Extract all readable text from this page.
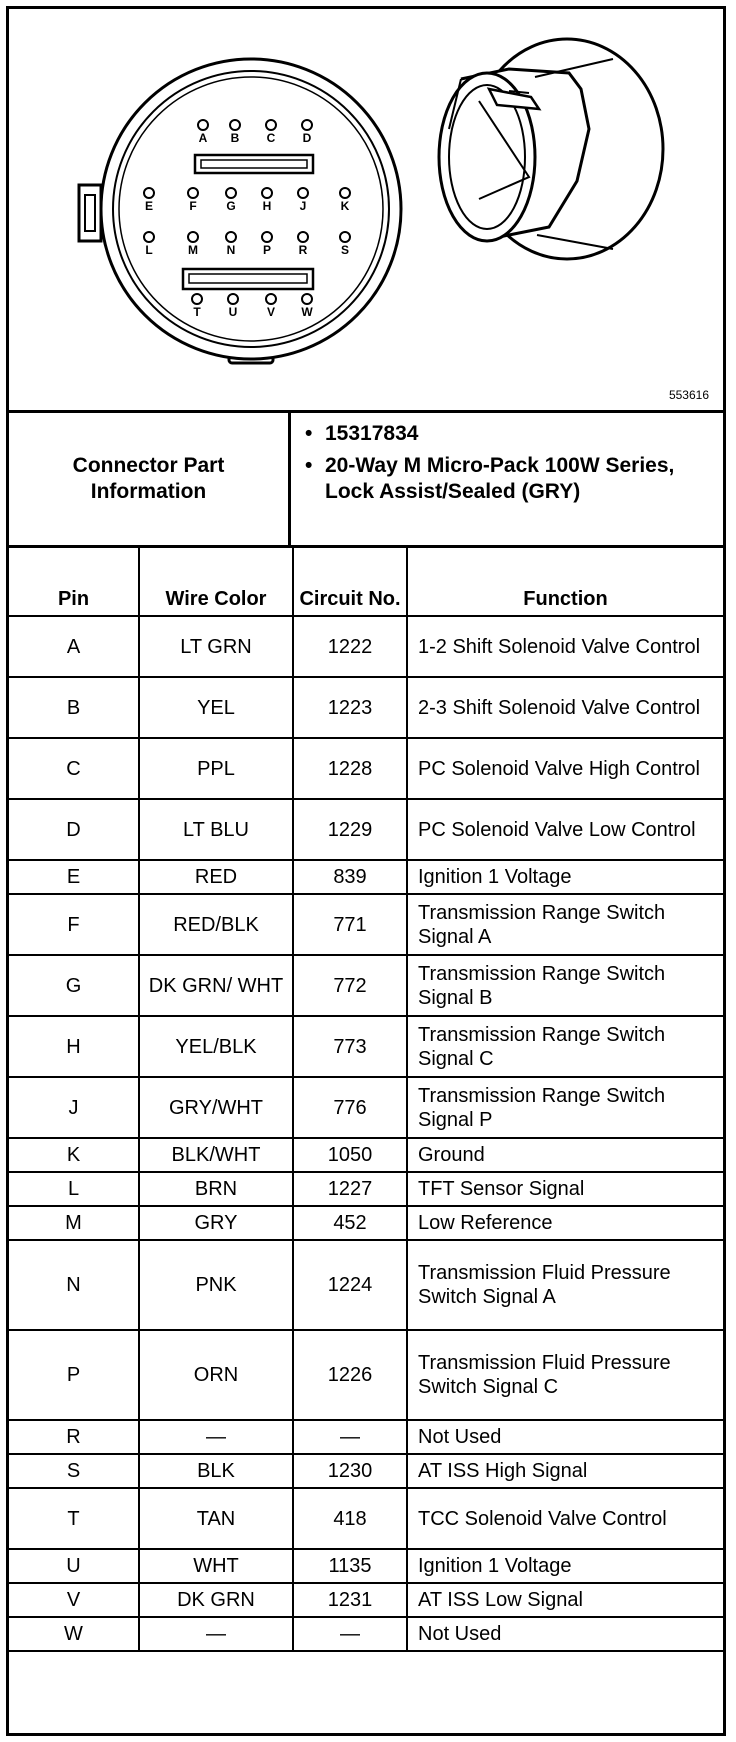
A B C D
E	F G H J	K
L	M N P R	S
T U V W
553616
Connector Part Information
• 15317834
• 20-Way M Micro-Pack 100W Series, Lock Assist/Sealed (GRY)
Pin	Wire Color	Circuit No.	Function
A	LT GRN	1222	1-2 Shift Solenoid Valve Control
B	YEL	1223	2-3 Shift Solenoid Valve Control
C	PPL	1228	PC Solenoid Valve High Control
D	LT BLU	1229	PC Solenoid Valve Low Control
E	RED	839	Ignition 1 Voltage
F	RED/BLK	771	Transmission Range Switch Signal A
G	DK GRN/ WHT	772	Transmission Range Switch Signal B
H	YEL/BLK	773	Transmission Range Switch Signal C
J	GRY/WHT	776	Transmission Range Switch Signal P
K	BLK/WHT	1050	Ground
L	BRN	1227	TFT Sensor Signal
M	GRY	452	Low Reference
N	PNK	1224	Transmission Fluid Pressure Switch Signal A
P	ORN	1226	Transmission Fluid Pressure Switch Signal C
R	—	—	Not Used
S	BLK	1230	AT ISS High Signal
T	TAN	418	TCC Solenoid Valve Control
U	WHT	1135	Ignition 1 Voltage
V	DK GRN	1231	AT ISS Low Signal
W	—	—	Not Used
